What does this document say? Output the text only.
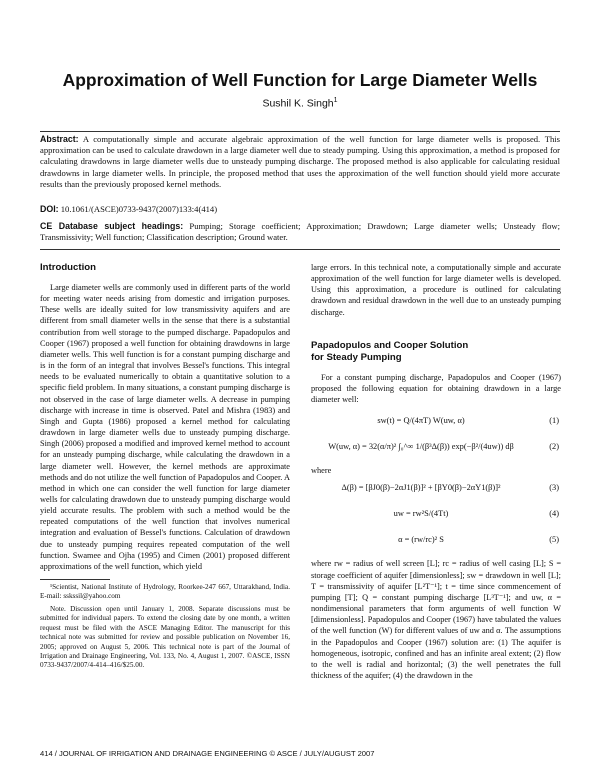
Approximation of Well Function for Large Diameter Wells
Sushil K. Singh$^1$
Abstract: A computationally simple and accurate algebraic approximation of the well function for large diameter wells is proposed. This approximation can be used to calculate drawdown in a large diameter well due to steady pumping. Using this approximation, a method is proposed for calculating drawdowns in large diameter wells due to unsteady pumping discharge. The proposed method is also applicable for calculating residual drawdowns in large diameter wells. In principle, the proposed method that uses the approximation of the well function should yield more accurate results than the previously proposed kernel methods.
DOI: 10.1061/(ASCE)0733-9437(2007)133:4(414)
CE Database subject headings: Pumping; Storage coefficient; Approximation; Drawdown; Large diameter wells; Unsteady flow; Transmissivity; Well function; Classification description; Ground water.
Introduction

Large diameter wells are commonly used in different parts of the world for meeting water needs arising from domestic and irrigation purposes. These wells are ideally suited for low transmissivity aquifers and are different from small diameter wells in the sense that there is a substantial contribution from well storage to the pumped discharge. Papadopulos and Cooper (1967) proposed a well function for obtaining drawdowns in large diameter wells. This well function is for a constant pumping discharge and is in the form of an integral that involves Bessel's functions. This integral needs to be evaluated numerically to obtain a quantitative solution to a specific field problem. In many situations, a constant pumping discharge is not observed in the case of large diameter wells. A decrease in pumping discharge with increase in time is observed. Patel and Mishra (1983) and Singh and Gupta (1986) proposed a kernel method for calculating drawdown in large diameter wells due to unsteady pumping discharge. Singh (2006) proposed a modified and improved kernel method to account for an unsteady pumping discharge, while calculating the drawdown in a large diameter well. However, the kernel methods are approximate methods and do not utilize the well function of Papadopulos and Cooper. A method in which one can consider the well function for large diameter wells for calculating drawdown due to unsteady pumping discharge would yield accurate results. The problem with such a method would be the repeated computations of the well function that involves numerical integration and evaluation of Bessel's functions. Calculation of drawdown due to unsteady pumping requires repeated computation of the well function. Swamee and Ojha (1995) and Cimen (2001) proposed different approximations of the well function, which yield

¹Scientist, National Institute of Hydrology, Roorkee-247 667, Uttarakhand, India. E-mail: sskssil@yahoo.com

Note. Discussion open until January 1, 2008. Separate discussions must be submitted for individual papers. To extend the closing date by one month, a written request must be filed with the ASCE Managing Editor. The manuscript for this technical note was submitted for review and possible publication on November 16, 2005; approved on August 5, 2006. This technical note is part of the Journal of Irrigation and Drainage Engineering, Vol. 133, No. 4, August 1, 2007. ©ASCE, ISSN 0733-9437/2007/4-414–416/$25.00.

large errors. In this technical note, a computationally simple and accurate approximation of the well function for large diameter wells is developed. Using this approximation, a procedure is outlined for calculating drawdown and residual drawdown in the well due to an unsteady pumping discharge.

Papadopulos and Cooper Solution
for Steady Pumping

For a constant pumping discharge, Papadopulos and Cooper (1967) proposed the following equation for obtaining drawdown in a large diameter well:

sw(t) = Q/(4πT) W(uw, α)	(1)
W(uw, α) = 32(α/π)² ∫₀^∞ 1/(β³Δ(β)) exp(−β²/(4uw)) dβ	(2)

where

Δ(β) = [βJ0(β)−2αJ1(β)]² + [βY0(β)−2αY1(β)]²	(3)
uw = rw²S/(4Tt)	(4)
α = (rw/rc)² S	(5)

where rw = radius of well screen [L]; rc = radius of well casing [L]; S = storage coefficient of aquifer [dimensionless]; sw = drawdown in well [L]; T = transmissivity of aquifer [L²T⁻¹]; t = time since commencement of pumping [T]; Q = constant pumping discharge [L³T⁻¹]; and uw, α = nondimensional parameters that form arguments of well function W [dimensionless]. Papadopulos and Cooper (1967) have tabulated the values of the well function (W) for different values of uw and α. The assumptions in the Papadopulos and Cooper (1967) solution are: (1) The aquifer is homogeneous, isotropic, confined and has an infinite areal extent; (2) flow to the well is radial and horizontal; (3) the well penetrates the full thickness of the aquifer; (4) the drawdown in the

414 / JOURNAL OF IRRIGATION AND DRAINAGE ENGINEERING © ASCE / JULY/AUGUST 2007
